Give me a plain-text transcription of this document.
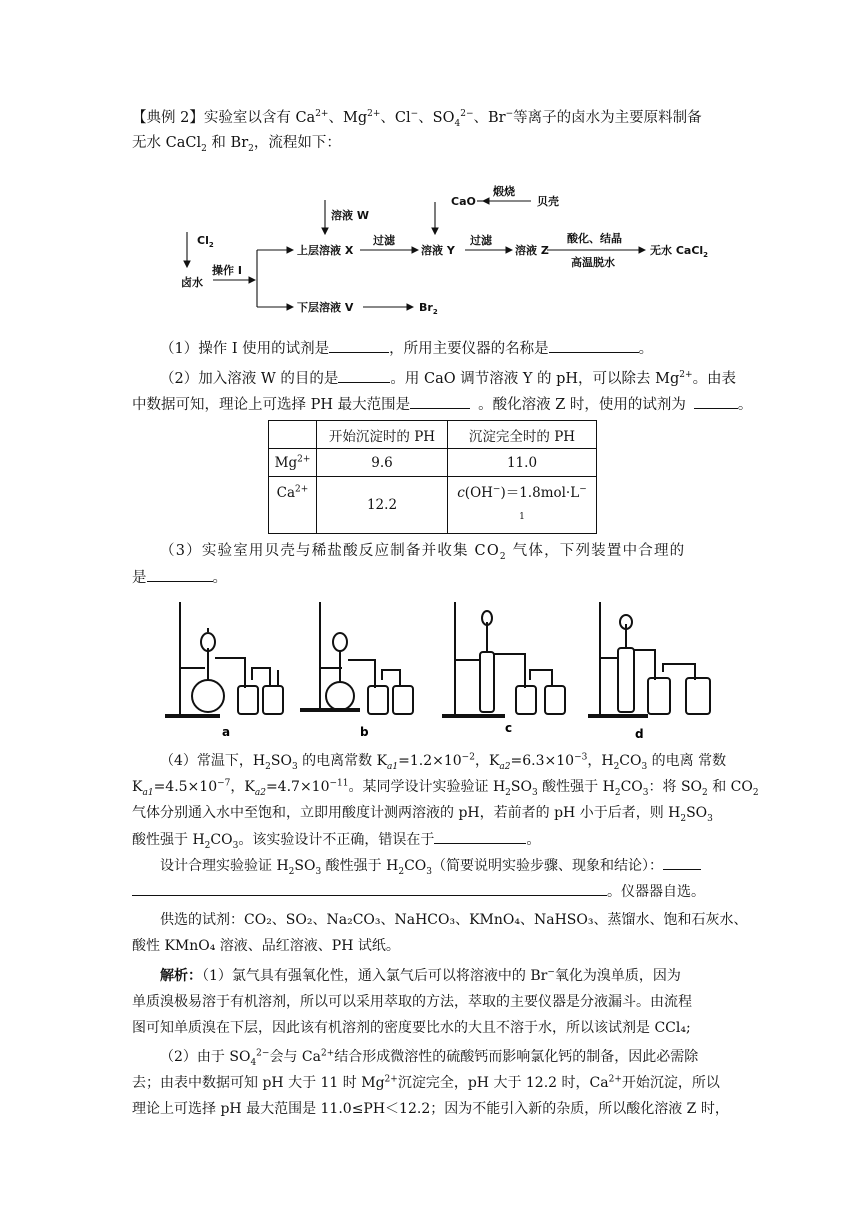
【典例 2】实验室以含有 $Ca^{2+}$、$Mg^{2+}$、Cl−、$SO_4^{2-}$、Br−等离子的卤水为主要原料制备
无水 CaCl$_2$ 和 $Br_2$，流程如下：
$Cl_2$
卤水
操作 I
溶液 W
上层溶液 X
过滤
溶液 Y
过滤
溶液 Z
酸化、结晶
高温脱水
无水 CaCl$_2$
下层溶液 V	$Br_2$
CaO
煅烧
贝壳
（1）操作 I 使用的试剂是	，所用主要仪器的名称是	。
（2）加入溶液 W 的目的是	。用 CaO 调节溶液 Y 的 pH，可以除去 $Mg^{2+}$。由表
中数据可知，理论上可选择 PH 最大范围是	。酸化溶液 Z 时，使用的试剂为	。
	开始沉淀时的 PH	沉淀完全时的 PH
$Mg^{2+}$	9.6	11.0
$Ca^{2+}$	12.2	c(OH−)＝1.8mol·L−
1
（3）实验室用贝壳与稀盐酸反应制备并收集 $CO_2$ 气体，下列装置中合理的
是	。
a	b	c	d
（4）常温下，$H_2SO_3$ 的电离常数 $K_{a1}=1.2\times 10^{-2}$，$K_{a2}=6.3\times 10^{-3}$，$H_2CO_3$ 的电离 常数
$K_{a1}=4.5\times 10^{-7}$，$K_{a2}=4.7\times 10^{-11}$。某同学设计实验验证 $H_2SO_3$ 酸性强于 $H_2CO_3$：将 $SO_2$ 和 $CO_2$
气体分别通入水中至饱和，立即用酸度计测两溶液的 pH，若前者的 pH 小于后者，则 $H_2SO_3$
酸性强于 $H_2CO_3$。该实验设计不正确，错误在于	。
设计合理实验验证 $H_2SO_3$ 酸性强于 $H_2CO_3$（简要说明实验步骤、现象和结论）：
。仪器器自选。
供选的试剂：CO₂、SO₂、Na₂CO₃、NaHCO₃、KMnO₄、NaHSO₃、蒸馏水、饱和石灰水、
酸性 KMnO₄ 溶液、品红溶液、PH 试纸。
解析：（1）氯气具有强氧化性，通入氯气后可以将溶液中的 Br−氧化为溴单质，因为
单质溴极易溶于有机溶剂，所以可以采用萃取的方法，萃取的主要仪器是分液漏斗。由流程
图可知单质溴在下层，因此该有机溶剂的密度要比水的大且不溶于水，所以该试剂是 CCl₄;
（2）由于 $SO_4^{2-}$会与 $Ca^{2+}$结合形成微溶性的硫酸钙而影响氯化钙的制备，因此必需除
去；由表中数据可知 pH 大于 11 时 $Mg^{2+}$沉淀完全，pH 大于 12.2 时，$Ca^{2+}$开始沉淀，所以
理论上可选择 pH 最大范围是 11.0≤PH＜12.2；因为不能引入新的杂质，所以酸化溶液 Z 时，
